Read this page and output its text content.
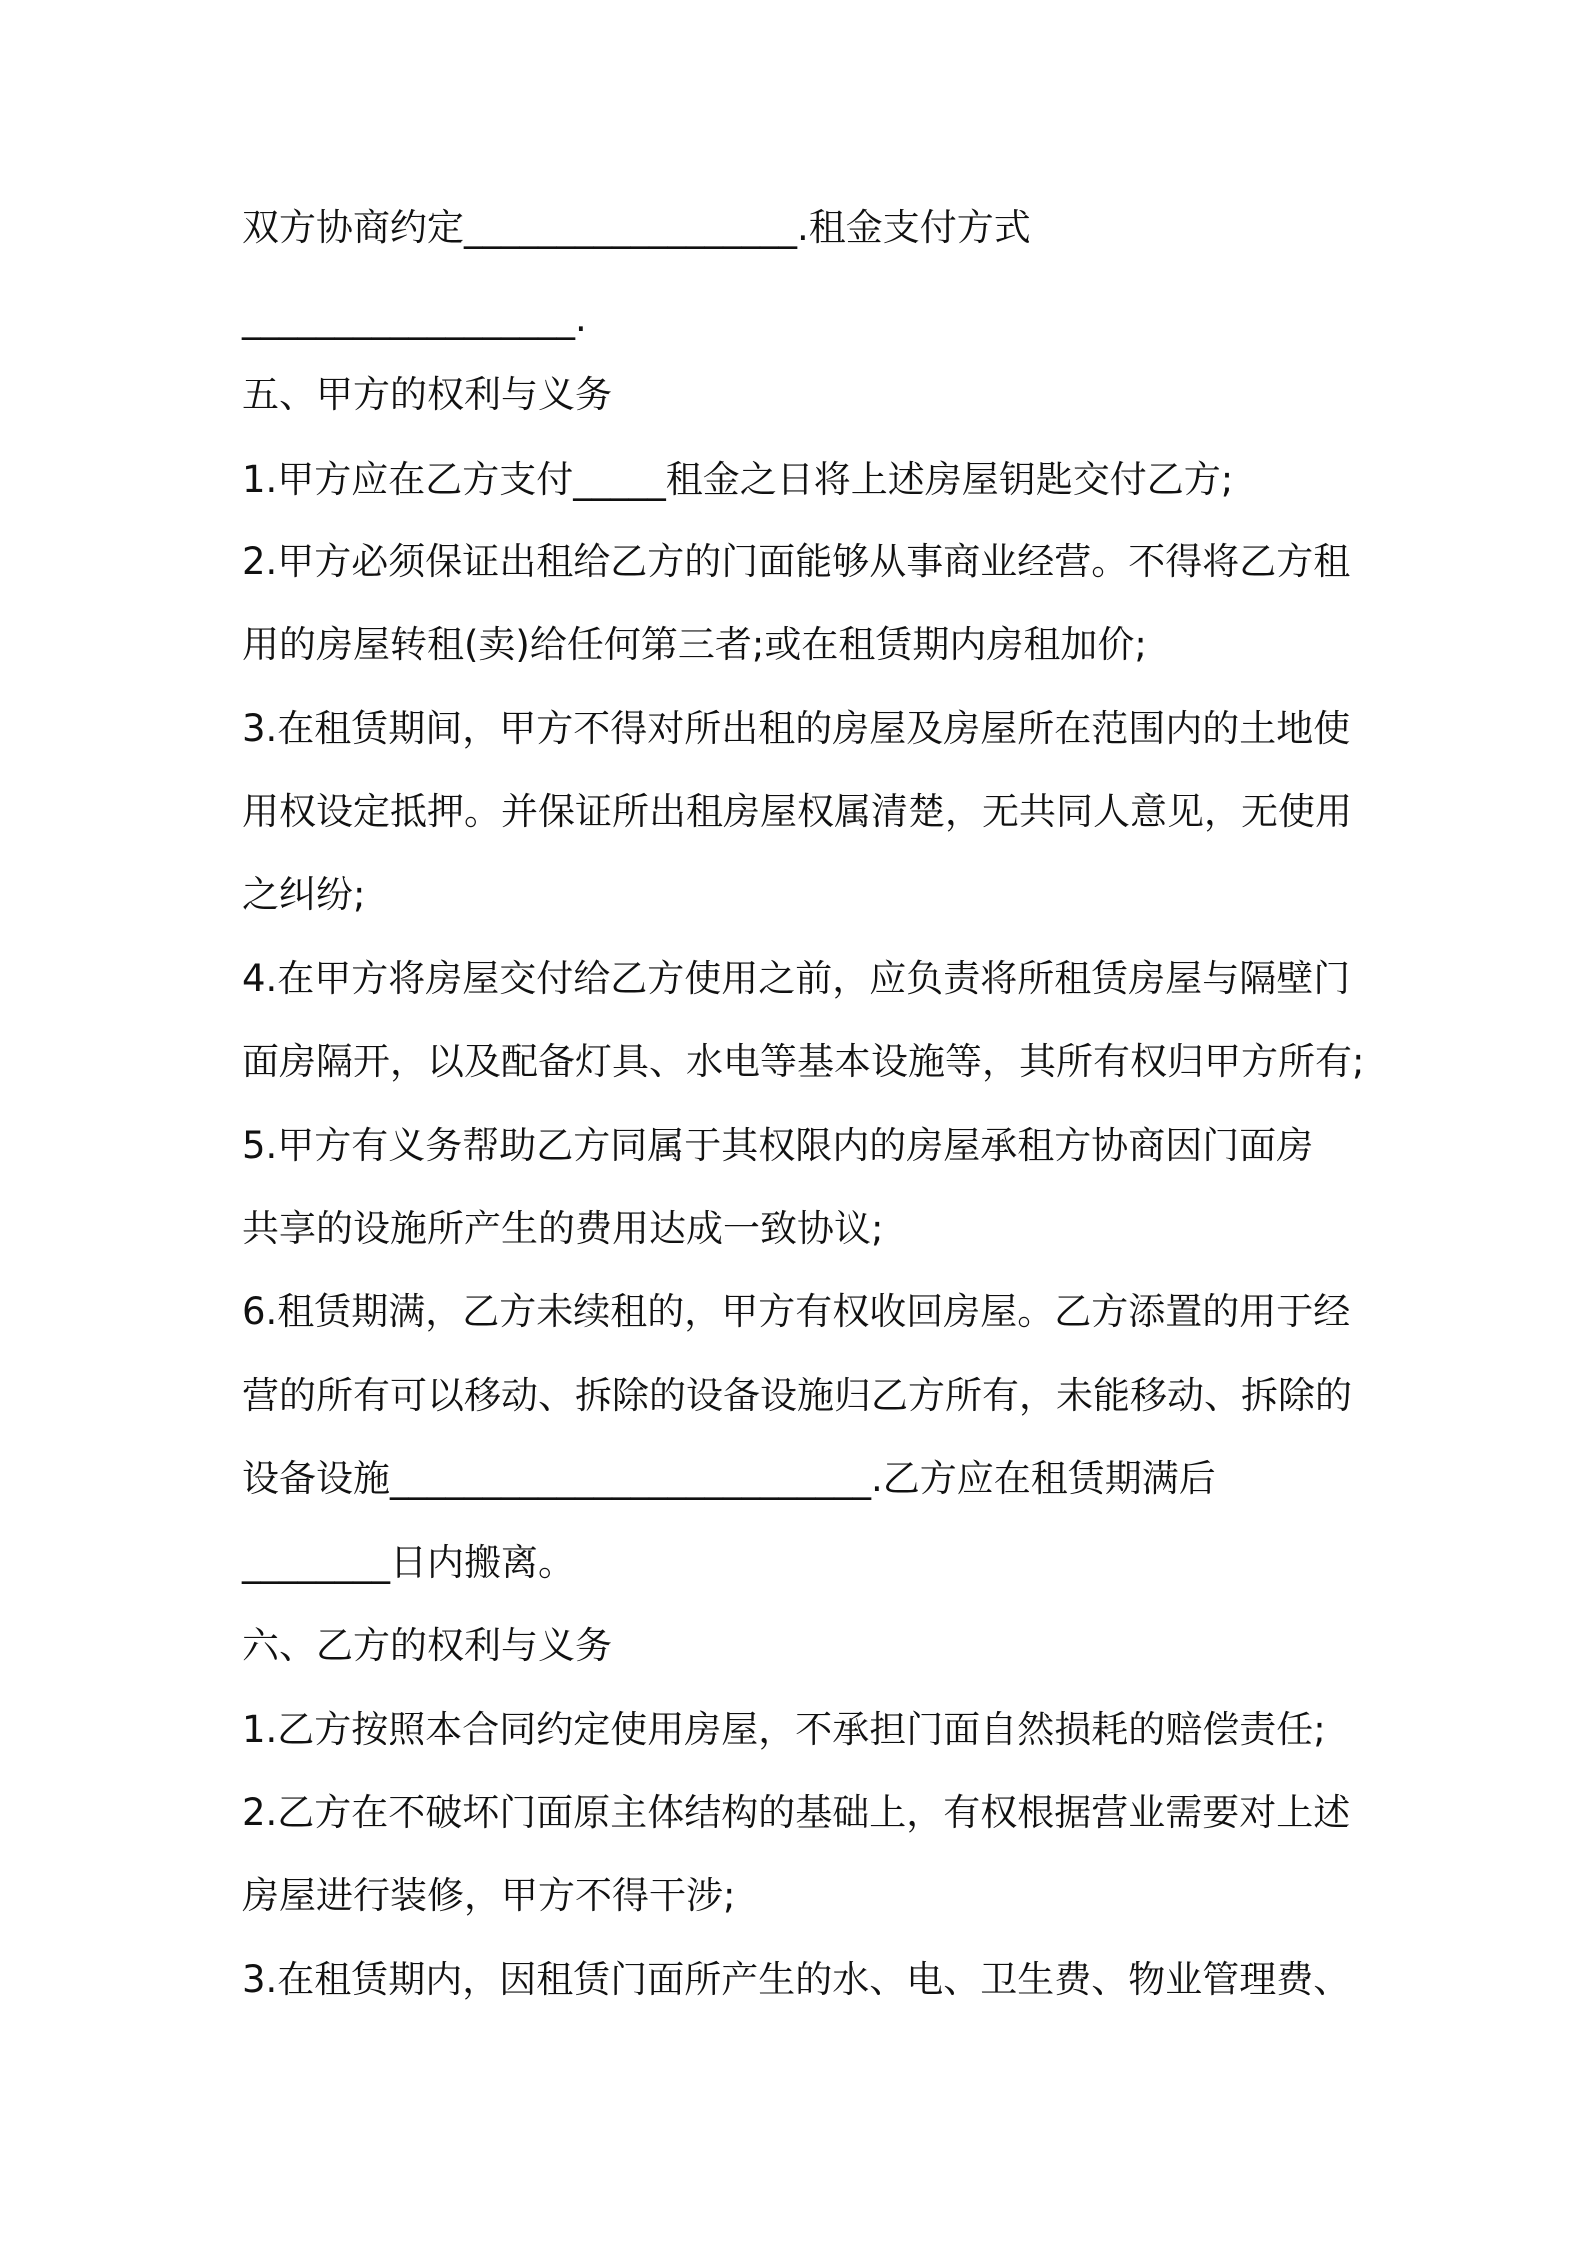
双方协商约定__________________.租金支付方式

__________________.

五、甲方的权利与义务

1.甲方应在乙方支付_____租金之日将上述房屋钥匙交付乙方;

2.甲方必须保证出租给乙方的门面能够从事商业经营。不得将乙方租

用的房屋转租(卖)给任何第三者;或在租赁期内房租加价;

3.在租赁期间，甲方不得对所出租的房屋及房屋所在范围内的土地使

用权设定抵押。并保证所出租房屋权属清楚，无共同人意见，无使用

之纠纷;

4.在甲方将房屋交付给乙方使用之前，应负责将所租赁房屋与隔壁门

面房隔开，以及配备灯具、水电等基本设施等，其所有权归甲方所有;

5.甲方有义务帮助乙方同属于其权限内的房屋承租方协商因门面房

共享的设施所产生的费用达成一致协议;

6.租赁期满，乙方未续租的，甲方有权收回房屋。乙方添置的用于经

营的所有可以移动、拆除的设备设施归乙方所有，未能移动、拆除的

设备设施__________________________.乙方应在租赁期满后

________日内搬离。

六、乙方的权利与义务

1.乙方按照本合同约定使用房屋，不承担门面自然损耗的赔偿责任;

2.乙方在不破坏门面原主体结构的基础上，有权根据营业需要对上述

房屋进行装修，甲方不得干涉;

3.在租赁期内，因租赁门面所产生的水、电、卫生费、物业管理费、
